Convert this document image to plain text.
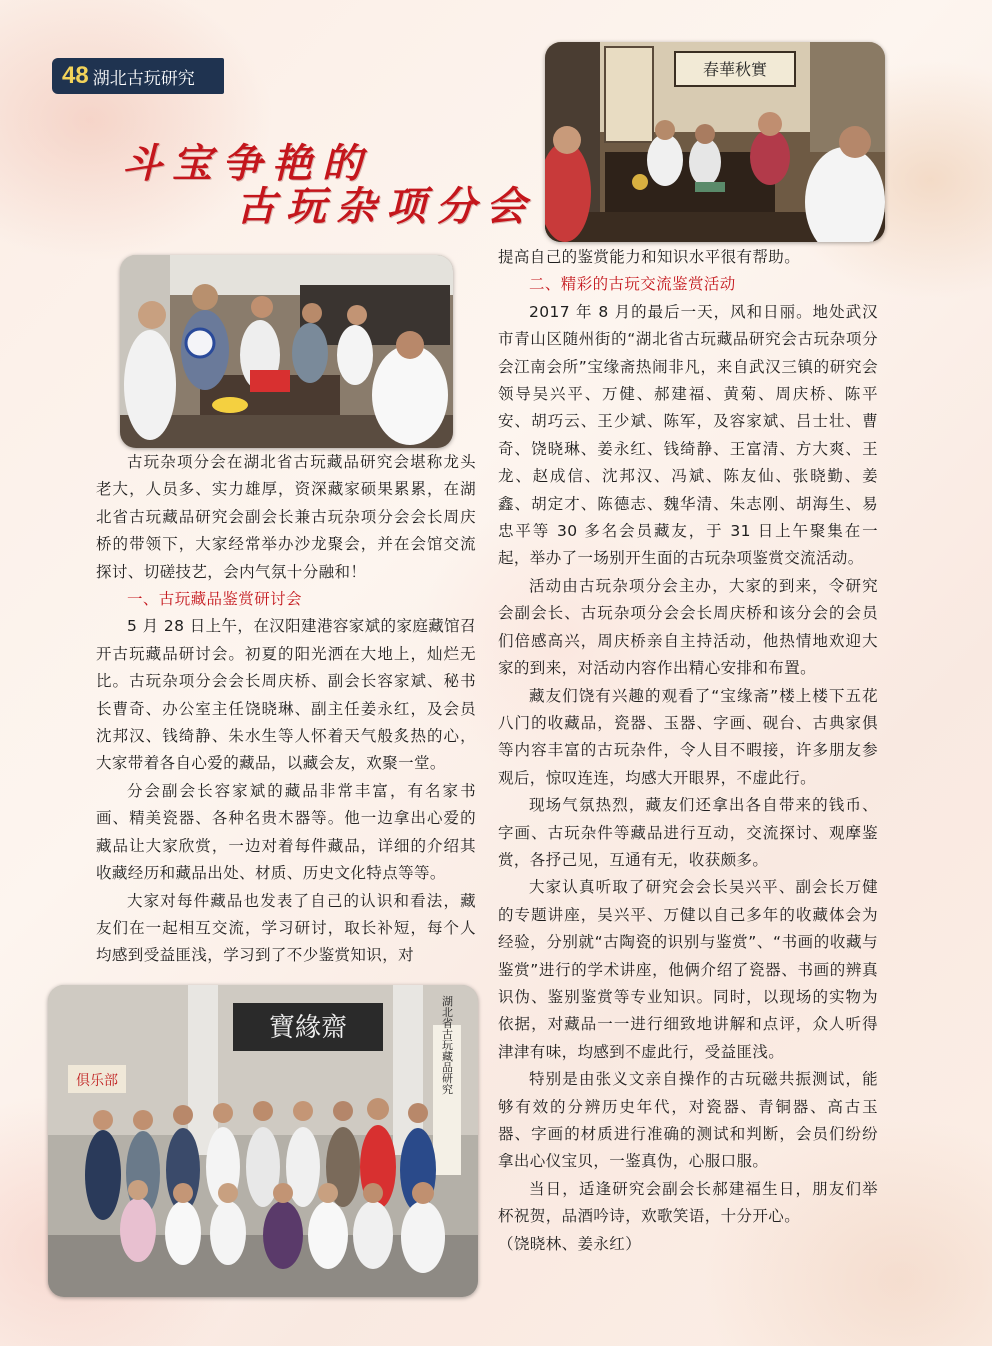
48 湖北古玩研究
斗宝争艳的
古玩杂项分会
春華秋實
寶緣齋
俱乐部	湖北省古玩藏品研究

古玩杂项分会在湖北省古玩藏品研究会堪称龙头老大，人员多、实力雄厚，资深藏家硕果累累，在湖北省古玩藏品研究会副会长兼古玩杂项分会会长周庆桥的带领下，大家经常举办沙龙聚会，并在会馆交流探讨、切磋技艺，会内气氛十分融和！

一、古玩藏品鉴赏研讨会

5 月 28 日上午，在汉阳建港容家斌的家庭藏馆召开古玩藏品研讨会。初夏的阳光洒在大地上，灿烂无比。古玩杂项分会会长周庆桥、副会长容家斌、秘书长曹奇、办公室主任饶晓琳、副主任姜永红，及会员沈邦汉、钱绮静、朱水生等人怀着天气般炙热的心，大家带着各自心爱的藏品，以藏会友，欢聚一堂。

分会副会长容家斌的藏品非常丰富，有名家书画、精美瓷器、各种名贵木器等。他一边拿出心爱的藏品让大家欣赏，一边对着每件藏品，详细的介绍其收藏经历和藏品出处、材质、历史文化特点等等。

大家对每件藏品也发表了自己的认识和看法，藏友们在一起相互交流，学习研讨，取长补短，每个人均感到受益匪浅，学习到了不少鉴赏知识，对

提高自己的鉴赏能力和知识水平很有帮助。

二、精彩的古玩交流鉴赏活动

2017 年 8 月的最后一天，风和日丽。地处武汉市青山区随州街的“湖北省古玩藏品研究会古玩杂项分会江南会所”宝缘斋热闹非凡，来自武汉三镇的研究会领导吴兴平、万健、郝建福、黄菊、周庆桥、陈平安、胡巧云、王少斌、陈军，及容家斌、吕士壮、曹奇、饶晓琳、姜永红、钱绮静、王富清、方大爽、王龙、赵成信、沈邦汉、冯斌、陈友仙、张晓勤、姜鑫、胡定才、陈德志、魏华清、朱志刚、胡海生、易忠平等 30 多名会员藏友，于 31 日上午聚集在一起，举办了一场别开生面的古玩杂项鉴赏交流活动。

活动由古玩杂项分会主办，大家的到来，令研究会副会长、古玩杂项分会会长周庆桥和该分会的会员们倍感高兴，周庆桥亲自主持活动，他热情地欢迎大家的到来，对活动内容作出精心安排和布置。

藏友们饶有兴趣的观看了“宝缘斋”楼上楼下五花八门的收藏品，瓷器、玉器、字画、砚台、古典家俱等内容丰富的古玩杂件，令人目不暇接，许多朋友参观后，惊叹连连，均感大开眼界，不虚此行。

现场气氛热烈，藏友们还拿出各自带来的钱币、字画、古玩杂件等藏品进行互动，交流探讨、观摩鉴赏，各抒己见，互通有无，收获颇多。

大家认真听取了研究会会长吴兴平、副会长万健的专题讲座，吴兴平、万健以自己多年的收藏体会为经验，分别就“古陶瓷的识别与鉴赏”、“书画的收藏与鉴赏”进行的学术讲座，他俩介绍了瓷器、书画的辨真识伪、鉴别鉴赏等专业知识。同时，以现场的实物为依据，对藏品一一进行细致地讲解和点评，众人听得津津有味，均感到不虚此行，受益匪浅。

特别是由张义文亲自操作的古玩磁共振测试，能够有效的分辨历史年代，对瓷器、青铜器、高古玉器、字画的材质进行准确的测试和判断，会员们纷纷拿出心仪宝贝，一鉴真伪，心服口服。

当日，适逢研究会副会长郝建福生日，朋友们举杯祝贺，品酒吟诗，欢歌笑语，十分开心。

（饶晓林、姜永红）
